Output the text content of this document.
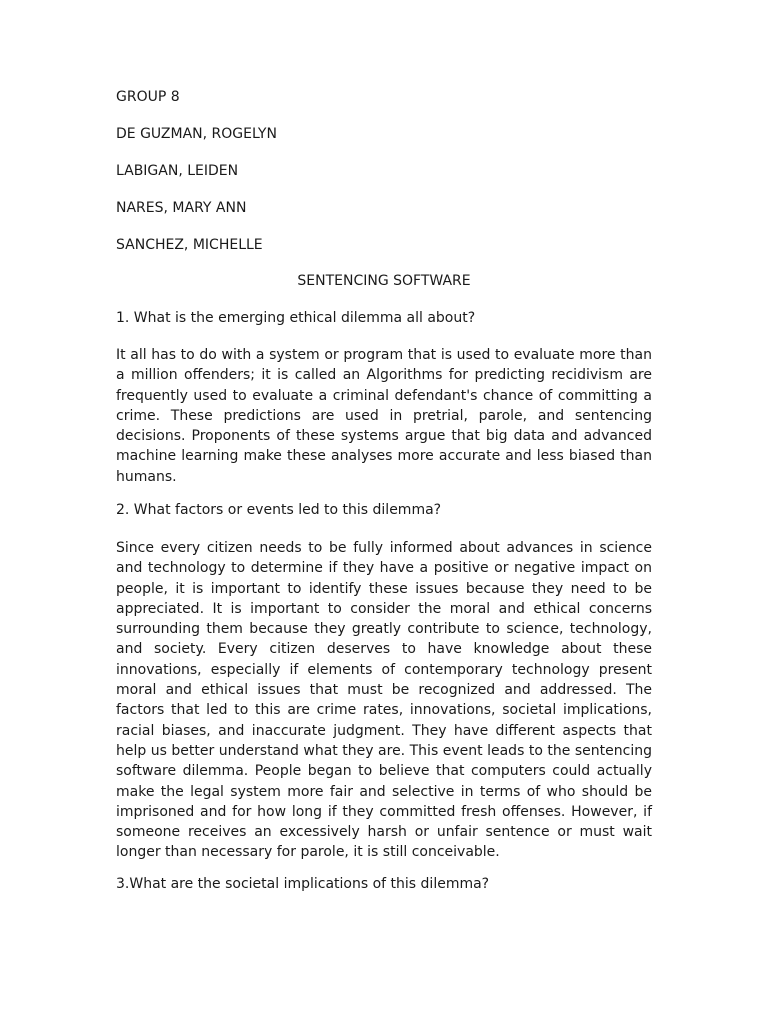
GROUP 8
DE GUZMAN, ROGELYN
LABIGAN, LEIDEN
NARES, MARY ANN
SANCHEZ, MICHELLE
SENTENCING SOFTWARE
1. What is the emerging ethical dilemma all about?

It all has to do with a system or program that is used to evaluate more than a million offenders; it is called an Algorithms for predicting recidivism are frequently used to evaluate a criminal defendant's chance of committing a crime. These predictions are used in pretrial, parole, and sentencing decisions. Proponents of these systems argue that big data and advanced machine learning make these analyses more accurate and less biased than humans.

2. What factors or events led to this dilemma?

Since every citizen needs to be fully informed about advances in science and technology to determine if they have a positive or negative impact on people, it is important to identify these issues because they need to be appreciated. It is important to consider the moral and ethical concerns surrounding them because they greatly contribute to science, technology, and society. Every citizen deserves to have knowledge about these innovations, especially if elements of contemporary technology present moral and ethical issues that must be recognized and addressed. The factors that led to this are crime rates, innovations, societal implications, racial biases, and inaccurate judgment. They have different aspects that help us better understand what they are. This event leads to the sentencing software dilemma. People began to believe that computers could actually make the legal system more fair and selective in terms of who should be imprisoned and for how long if they committed fresh offenses. However, if someone receives an excessively harsh or unfair sentence or must wait longer than necessary for parole, it is still conceivable.

3.What are the societal implications of this dilemma?
